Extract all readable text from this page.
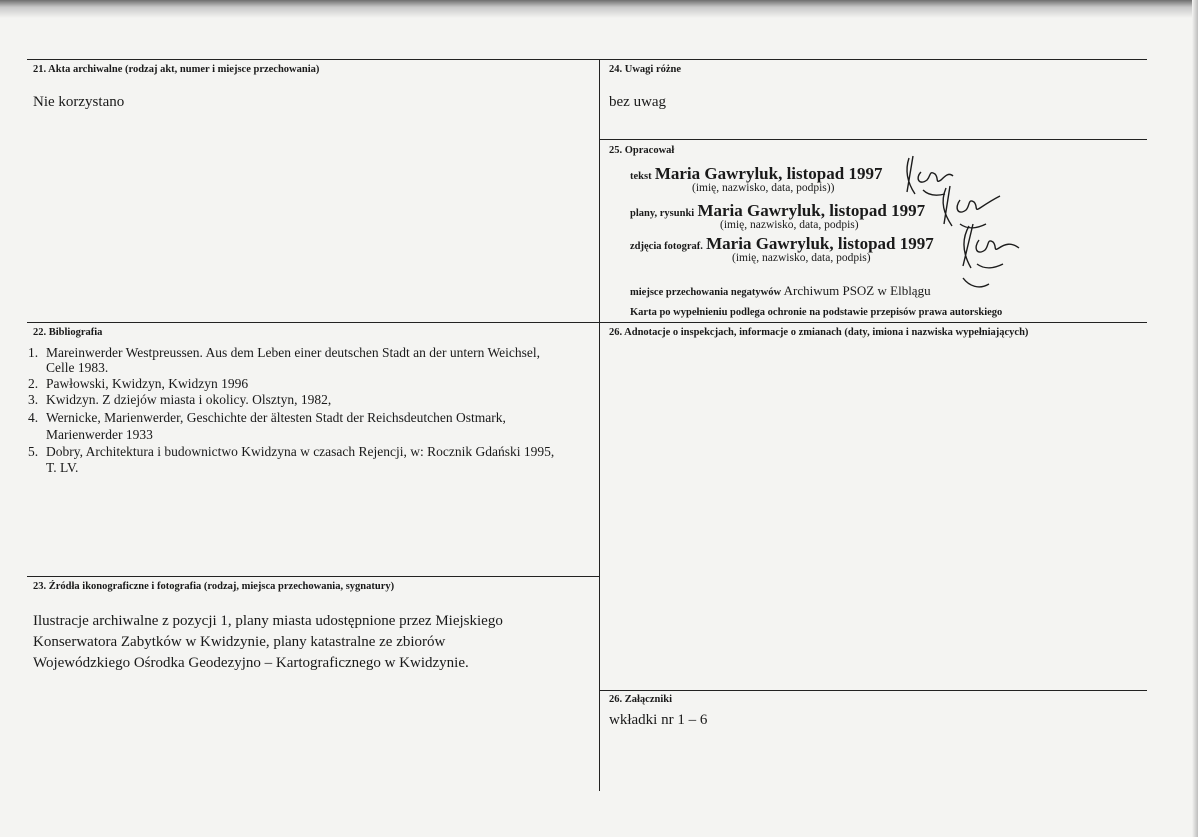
21. Akta archiwalne (rodzaj akt, numer i miejsce przechowania)
Nie korzystano
24. Uwagi różne
bez uwag
25. Opracował
tekst Maria Gawryluk, listopad 1997
(imię, nazwisko, data, podpis))
plany, rysunki Maria Gawryluk, listopad 1997
(imię, nazwisko, data, podpis)
zdjęcia fotograf. Maria Gawryluk, listopad 1997
(imię, nazwisko, data, podpis)
miejsce przechowania negatywów Archiwum PSOZ w Elblągu
Karta po wypełnieniu podlega ochronie na podstawie przepisów prawa autorskiego
22. Bibliografia
1. Mareinwerder Westpreussen. Aus dem Leben einer deutschen Stadt an der untern Weichsel,
Celle 1983.
2. Pawłowski, Kwidzyn, Kwidzyn 1996
3. Kwidzyn. Z dziejów miasta i okolicy. Olsztyn, 1982,
4. Wernicke, Marienwerder, Geschichte der ältesten Stadt der Reichsdeutchen Ostmark,
Marienwerder 1933
5. Dobry, Architektura i budownictwo Kwidzyna w czasach Rejencji, w: Rocznik Gdański 1995,
T. LV.
26. Adnotacje o inspekcjach, informacje o zmianach (daty, imiona i nazwiska wypełniających)
23. Źródła ikonograficzne i fotografia (rodzaj, miejsca przechowania, sygnatury)
Ilustracje archiwalne z pozycji 1, plany miasta udostępnione przez Miejskiego
Konserwatora Zabytków w Kwidzynie, plany katastralne ze zbiorów
Wojewódzkiego Ośrodka Geodezyjno – Kartograficznego w Kwidzynie.
26. Załączniki
wkładki nr 1 – 6
